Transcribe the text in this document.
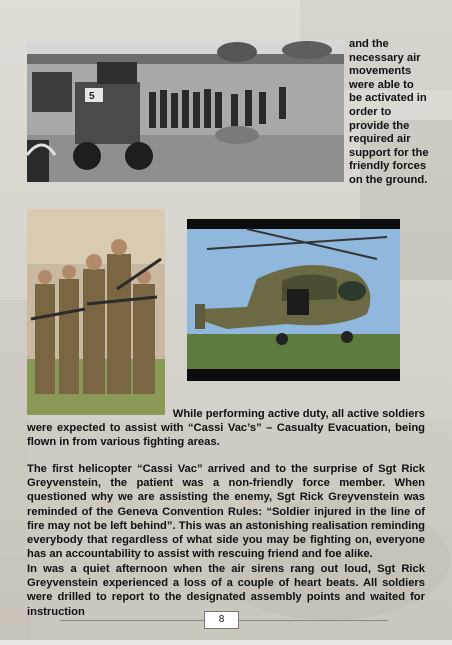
5
and the necessary air movements were able to be activated in order to provide the required air support for the friendly forces on the ground.

While performing active duty, all active soldiers
were expected to assist with “Cassi Vac’s” – Casualty Evacuation, being flown in from various fighting areas.

The first helicopter “Cassi Vac” arrived and to the surprise of Sgt Rick Greyvenstein, the patient was a non-friendly force member. When questioned why we are assisting the enemy, Sgt Rick Greyvenstein was reminded of the Geneva Convention Rules: “Soldier injured in the line of fire may not be left behind”. This was an astonishing realisation reminding everybody that regardless of what side you may be fighting on, everyone has an accountability to assist with rescuing friend and foe alike.

In was a quiet afternoon when the air sirens rang out loud, Sgt Rick Greyvenstein experienced a loss of a couple of heart beats. All soldiers were drilled to report to the designated assembly points and waited for instruction

8
